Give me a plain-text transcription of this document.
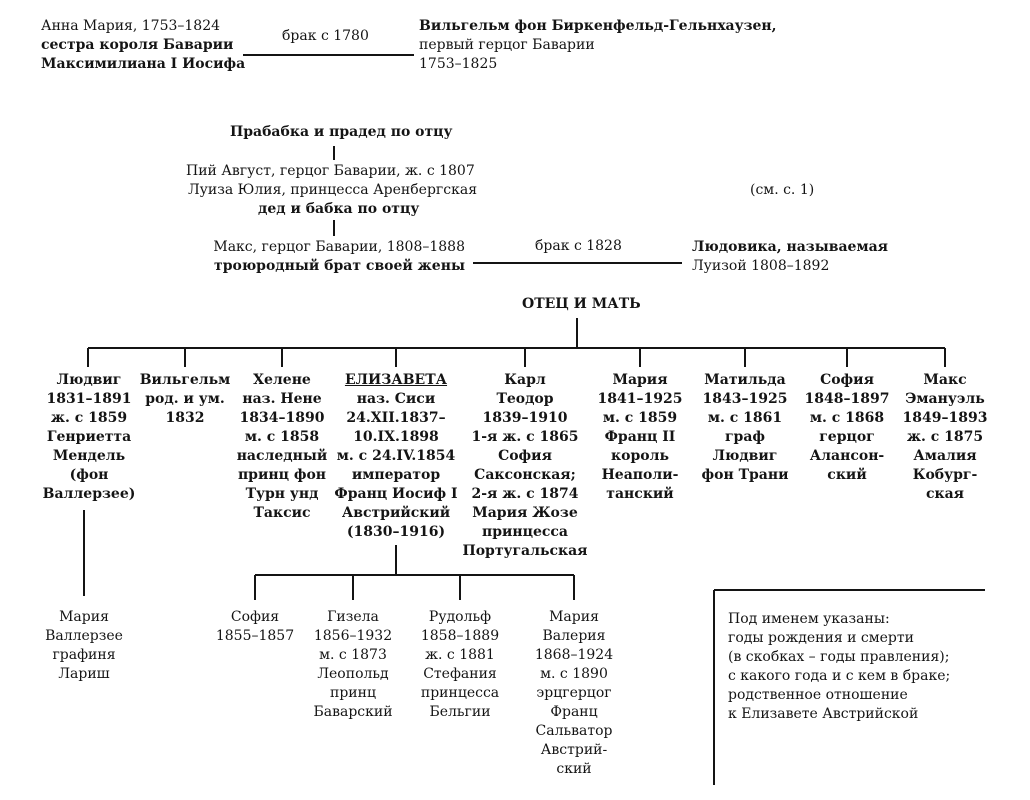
Анна Мария, 1753–1824
сестра короля Баварии
Максимилиана I Иосифа
брак с 1780
Вильгельм фон Биркенфельд-Гельнхаузен,
первый герцог Баварии
1753–1825
Прабабка и прадед по отцу
Пий Август, герцог Баварии, ж. с 1807
Луиза Юлия, принцесса Аренбергская
дед и бабка по отцу
(см. с. 1)
Макс, герцог Баварии, 1808–1888
троюродный брат своей жены
брак с 1828	Людовика, называемая
Луизой 1808–1892
ОТЕЦ И МАТЬ
Людвиг
1831–1891
ж. с 1859
Генриетта
Мендель
(фон
Валлерзее)
Вильгельм
род. и ум.
1832
Хелене
наз. Нене
1834–1890
м. с 1858
наследный
принц фон
Турн унд
Таксис
ЕЛИЗАВЕТА
наз. Сиси
24.XII.1837–
10.IX.1898
м. с 24.IV.1854
император
Франц Иосиф I
Австрийский
(1830–1916)
Карл
Теодор
1839–1910
1-я ж. с 1865
София
Саксонская;
2-я ж. с 1874
Мария Жозе
принцесса
Португальская
Мария
1841–1925
м. с 1859
Франц II
король
Неаполи-
танский
Матильда
1843–1925
м. с 1861
граф
Людвиг
фон Трани
София
1848–1897
м. с 1868
герцог
Алансон-
ский
Макс
Эмануэль
1849–1893
ж. с 1875
Амалия
Кобург-
ская
Мария
Валлерзее
графиня
Лариш
София
1855–1857
Гизела
1856–1932
м. с 1873
Леопольд
принц
Баварский
Рудольф
1858–1889
ж. с 1881
Стефания
принцесса
Бельгии
Мария
Валерия
1868–1924
м. с 1890
эрцгерцог
Франц
Сальватор
Австрий-
ский
Под именем указаны:
годы рождения и смерти
(в скобках – годы правления);
с какого года и с кем в браке;
родственное отношение
к Елизавете Австрийской
